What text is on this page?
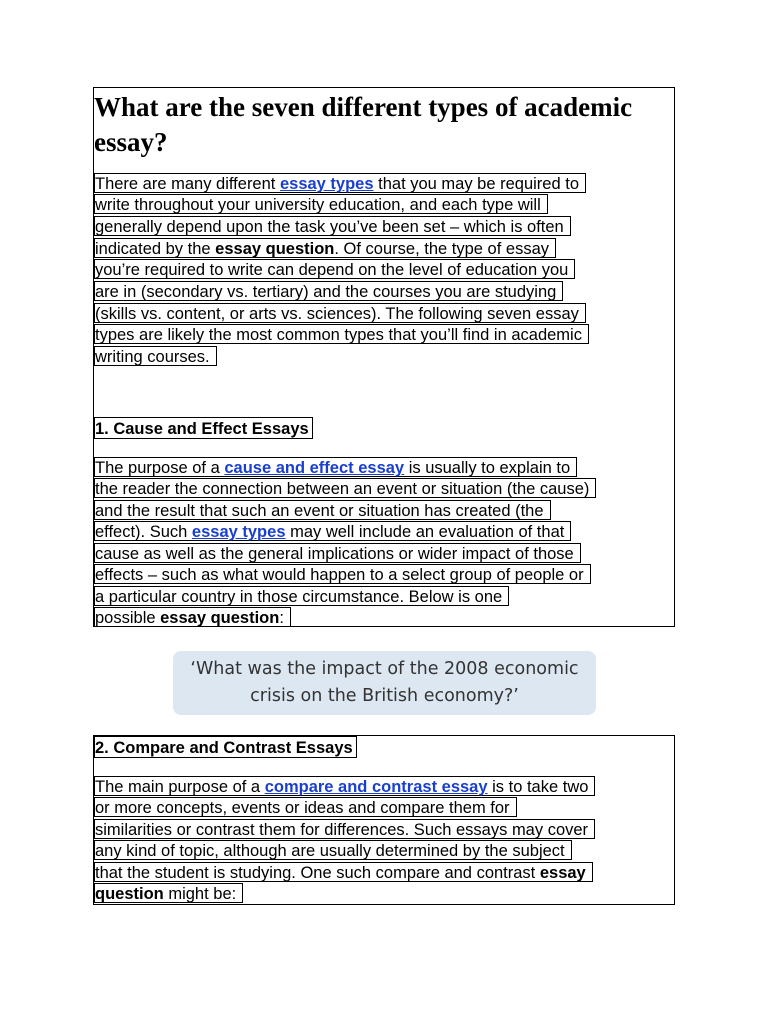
What are the seven different types of academic essay?
There are many different essay types that you may be required to
write throughout your university education, and each type will
generally depend upon the task you’ve been set – which is often
indicated by the essay question. Of course, the type of essay
you’re required to write can depend on the level of education you
are in (secondary vs. tertiary) and the courses you are studying
(skills vs. content, or arts vs. sciences). The following seven essay
types are likely the most common types that you’ll find in academic
writing courses.
1. Cause and Effect Essays
The purpose of a cause and effect essay is usually to explain to
the reader the connection between an event or situation (the cause)
and the result that such an event or situation has created (the
effect). Such essay types may well include an evaluation of that
cause as well as the general implications or wider impact of those
effects – such as what would happen to a select group of people or
a particular country in those circumstance. Below is one
possible essay question:
‘What was the impact of the 2008 economic
crisis on the British economy?’
2. Compare and Contrast Essays
The main purpose of a compare and contrast essay is to take two
or more concepts, events or ideas and compare them for
similarities or contrast them for differences. Such essays may cover
any kind of topic, although are usually determined by the subject
that the student is studying. One such compare and contrast essay
question might be:
